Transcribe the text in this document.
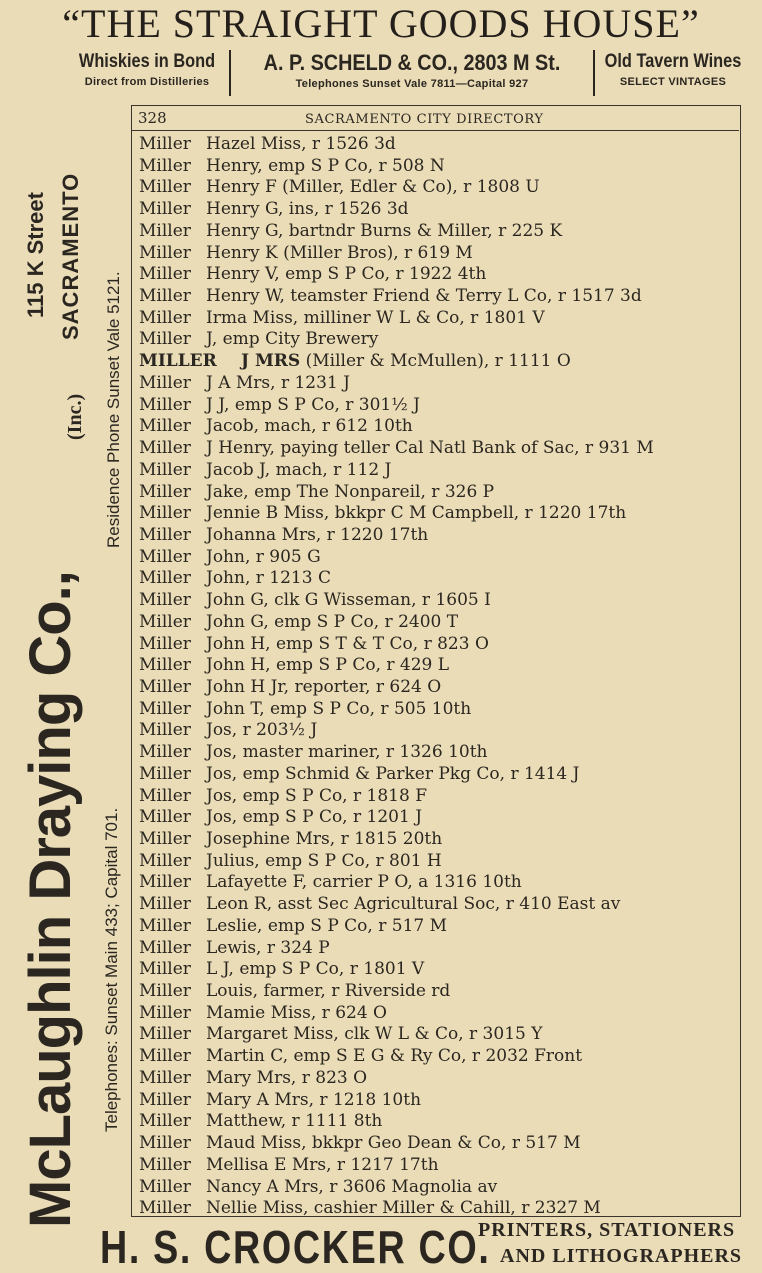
“THE STRAIGHT GOODS HOUSE”
Whiskies in Bond
Direct from Distilleries
A. P. SCHELD & CO., 2803 M St.
Telephones Sunset Vale 7811—Capital 927
Old Tavern Wines
SELECT VINTAGES
McLaughlin Draying Co.,
(Inc.)
Telephones: Sunset Main 433; Capital 701.
Residence Phone Sunset Vale 5121.
115 K Street SACRAMENTO
328	SACRAMENTO CITY DIRECTORY
Miller Hazel Miss, r 1526 3d
Miller Henry, emp S P Co, r 508 N
Miller Henry F (Miller, Edler & Co), r 1808 U
Miller Henry G, ins, r 1526 3d
Miller Henry G, bartndr Burns & Miller, r 225 K
Miller Henry K (Miller Bros), r 619 M
Miller Henry V, emp S P Co, r 1922 4th
Miller Henry W, teamster Friend & Terry L Co, r 1517 3d
Miller Irma Miss, milliner W L & Co, r 1801 V
Miller J, emp City Brewery
MILLER J MRS (Miller & McMullen), r 1111 O
Miller J A Mrs, r 1231 J
Miller J J, emp S P Co, r 301½ J
Miller Jacob, mach, r 612 10th
Miller J Henry, paying teller Cal Natl Bank of Sac, r 931 M
Miller Jacob J, mach, r 112 J
Miller Jake, emp The Nonpareil, r 326 P
Miller Jennie B Miss, bkkpr C M Campbell, r 1220 17th
Miller Johanna Mrs, r 1220 17th
Miller John, r 905 G
Miller John, r 1213 C
Miller John G, clk G Wisseman, r 1605 I
Miller John G, emp S P Co, r 2400 T
Miller John H, emp S T & T Co, r 823 O
Miller John H, emp S P Co, r 429 L
Miller John H Jr, reporter, r 624 O
Miller John T, emp S P Co, r 505 10th
Miller Jos, r 203½ J
Miller Jos, master mariner, r 1326 10th
Miller Jos, emp Schmid & Parker Pkg Co, r 1414 J
Miller Jos, emp S P Co, r 1818 F
Miller Jos, emp S P Co, r 1201 J
Miller Josephine Mrs, r 1815 20th
Miller Julius, emp S P Co, r 801 H
Miller Lafayette F, carrier P O, a 1316 10th
Miller Leon R, asst Sec Agricultural Soc, r 410 East av
Miller Leslie, emp S P Co, r 517 M
Miller Lewis, r 324 P
Miller L J, emp S P Co, r 1801 V
Miller Louis, farmer, r Riverside rd
Miller Mamie Miss, r 624 O
Miller Margaret Miss, clk W L & Co, r 3015 Y
Miller Martin C, emp S E G & Ry Co, r 2032 Front
Miller Mary Mrs, r 823 O
Miller Mary A Mrs, r 1218 10th
Miller Matthew, r 1111 8th
Miller Maud Miss, bkkpr Geo Dean & Co, r 517 M
Miller Mellisa E Mrs, r 1217 17th
Miller Nancy A Mrs, r 3606 Magnolia av
Miller Nellie Miss, cashier Miller & Cahill, r 2327 M
H. S. CROCKER CO.
PRINTERS, STATIONERS
AND LITHOGRAPHERS
